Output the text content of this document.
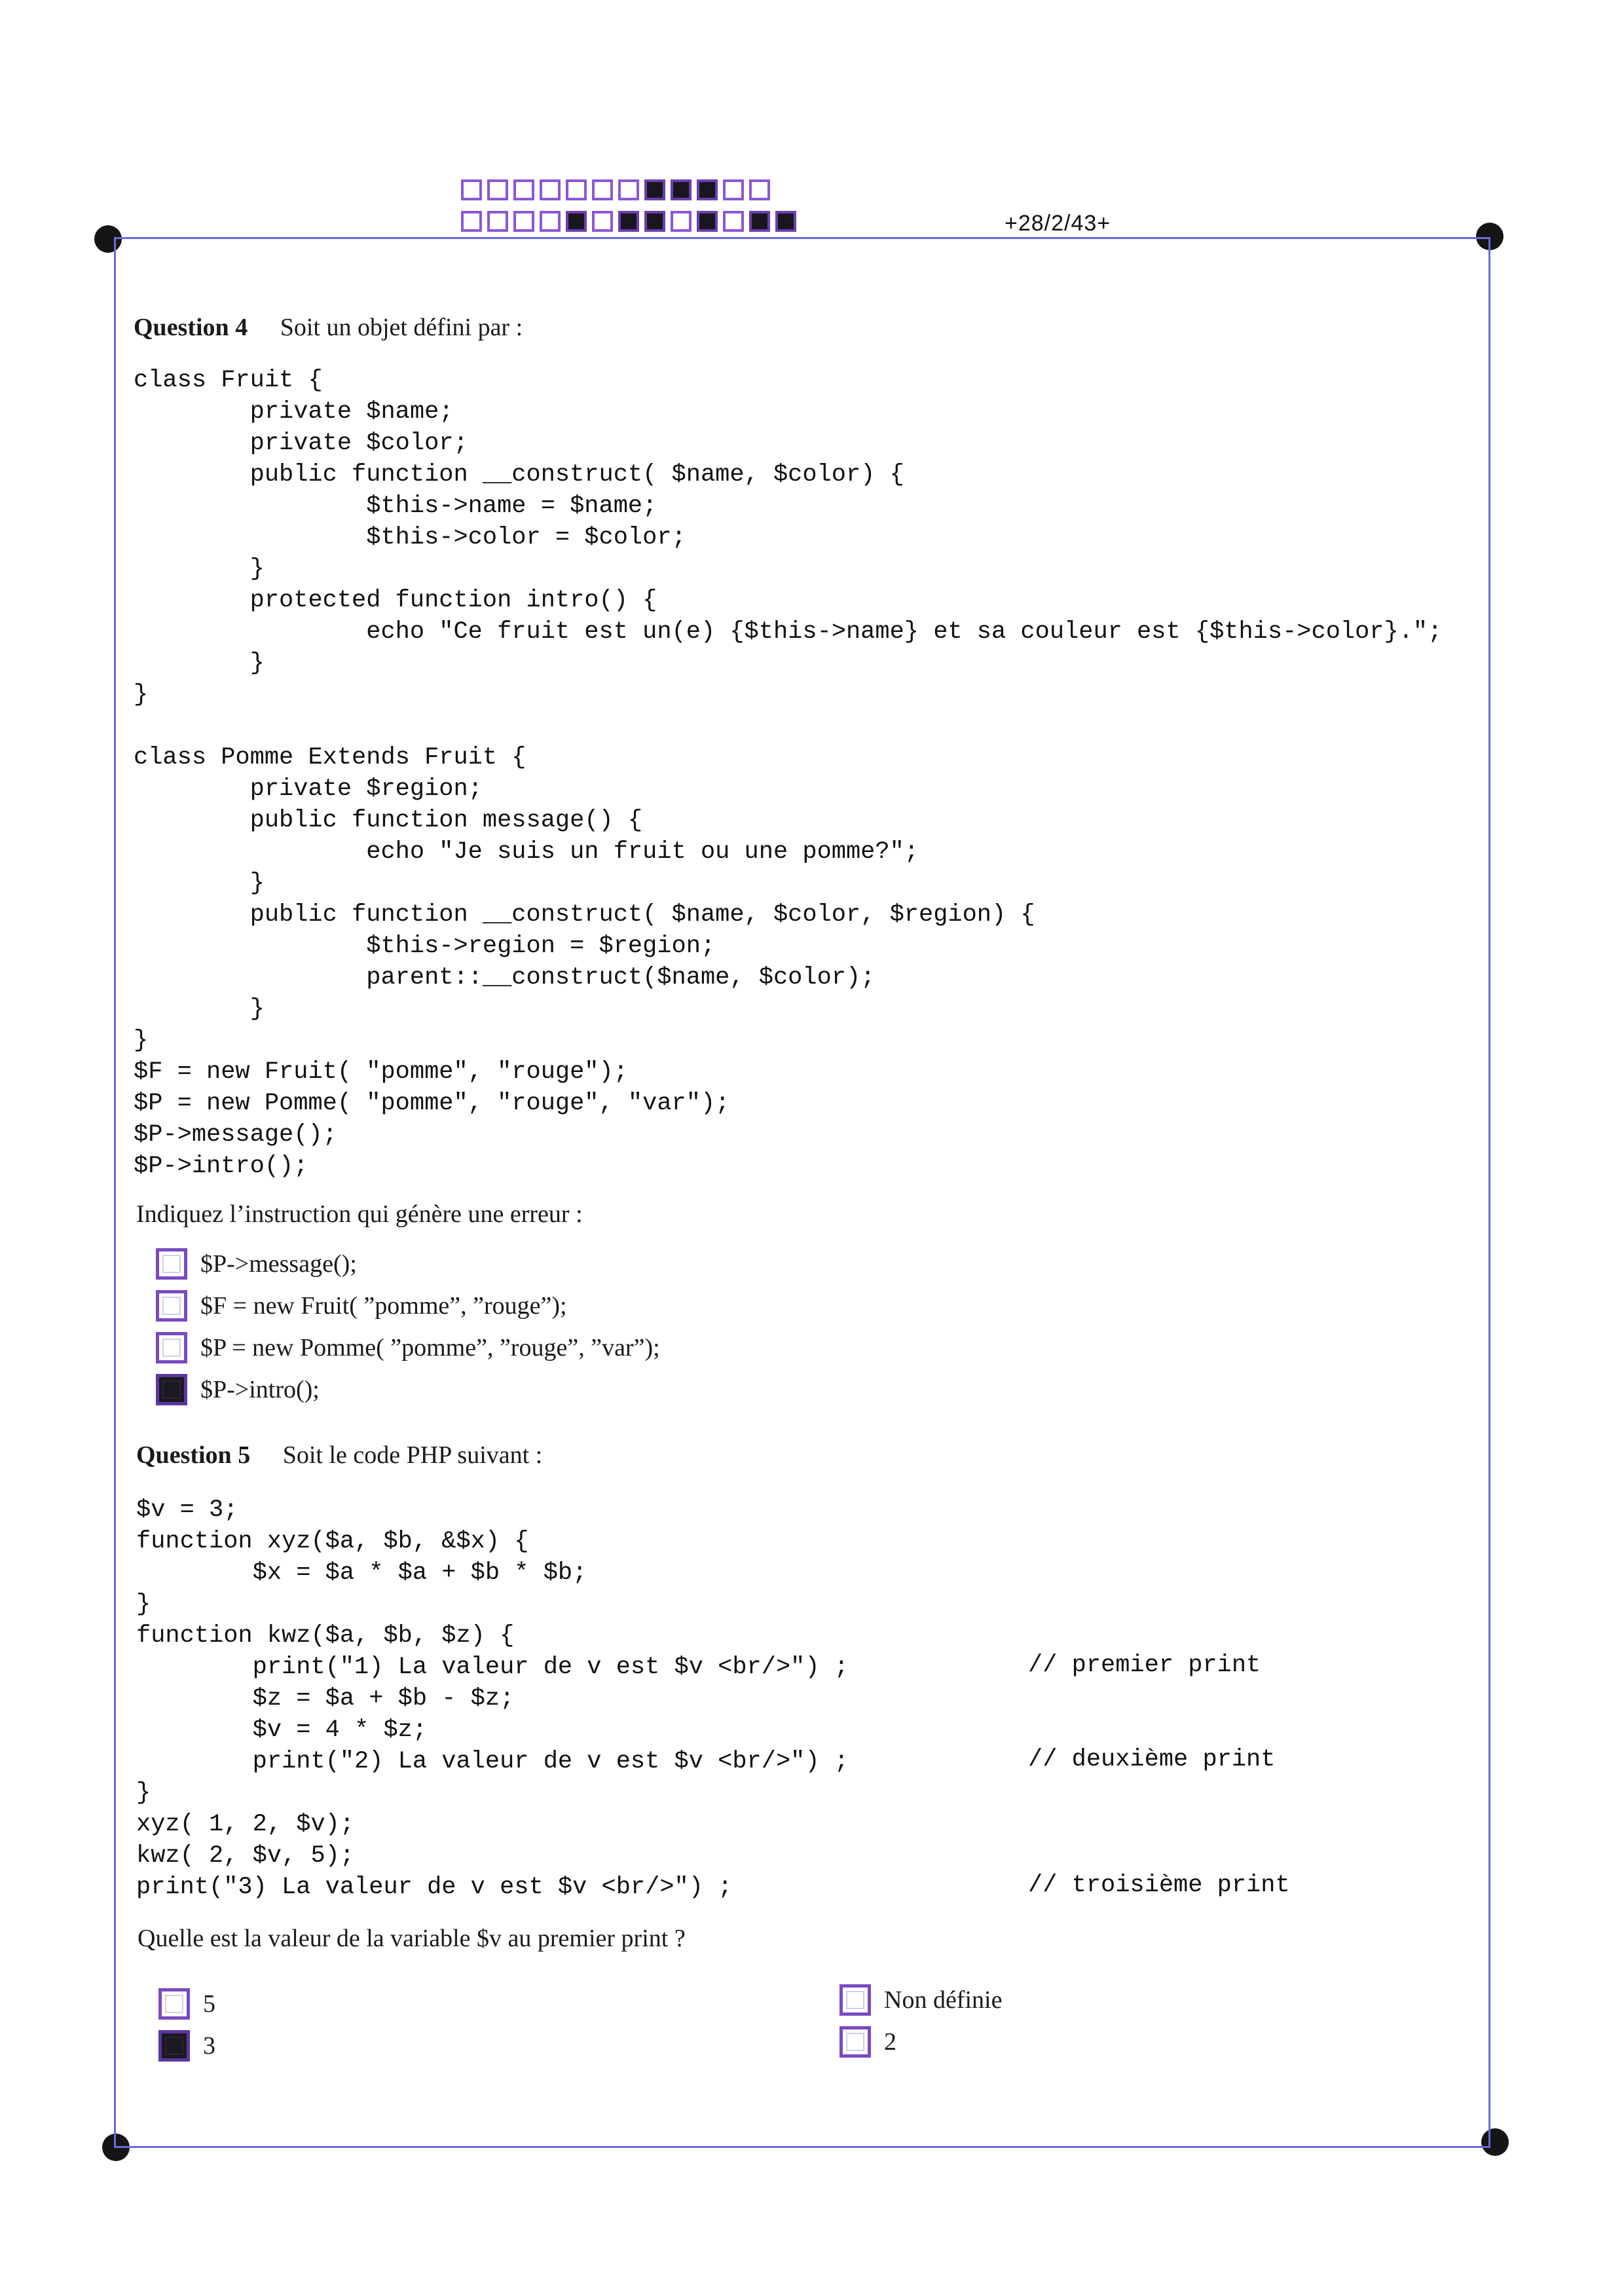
+28/2/43+
Question 4 Soit un objet défini par :
class Fruit {
private $name;
private $color;
public function __construct( $name, $color) {
$this->name = $name;
$this->color = $color;
}
protected function intro() {
echo "Ce fruit est un(e) {$this->name} et sa couleur est {$this->color}.";
}
}

class Pomme Extends Fruit {
private $region;
public function message() {
echo "Je suis un fruit ou une pomme?";
}
public function __construct( $name, $color, $region) {
$this->region = $region;
parent::__construct($name, $color);
}
}
$F = new Fruit( "pomme", "rouge");
$P = new Pomme( "pomme", "rouge", "var");
$P->message();
$P->intro();
Indiquez l’instruction qui génère une erreur :
$P->message();
$F = new Fruit( ”pomme”, ”rouge”);
$P = new Pomme( ”pomme”, ”rouge”, ”var”);
$P->intro();
Question 5 Soit le code PHP suivant :
$v = 3;
function xyz($a, $b, &$x) {
$x = $a * $a + $b * $b;
}
function kwz($a, $b, $z) {
print("1) La valeur de v est $v <br/>") ;
$z = $a + $b - $z;
$v = 4 * $z;
print("2) La valeur de v est $v <br/>") ;
}
xyz( 1, 2, $v);
kwz( 2, $v, 5);
print("3) La valeur de v est $v <br/>") ;
// premier print
// deuxième print
// troisième print
Quelle est la valeur de la variable $v au premier print ?
5
3
Non définie
2
